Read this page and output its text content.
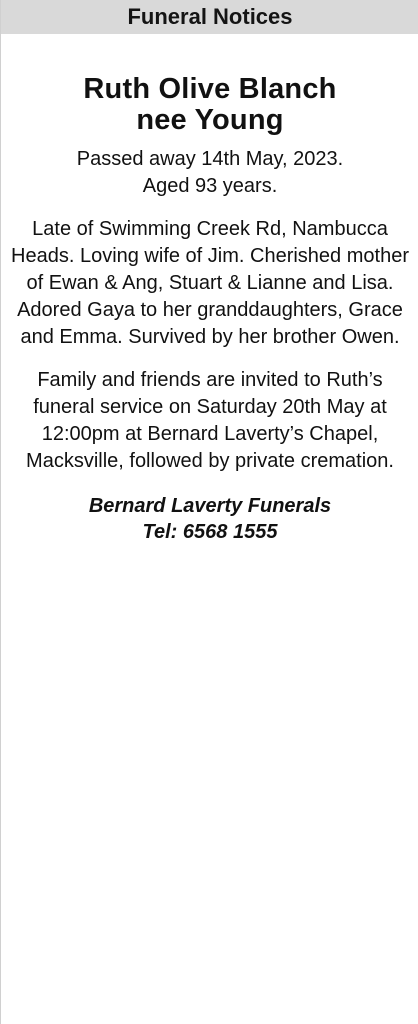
Funeral Notices
Ruth Olive Blanch
nee Young
Passed away 14th May, 2023.
Aged 93 years.
Late of Swimming Creek Rd, Nambucca
Heads. Loving wife of Jim. Cherished mother
of Ewan & Ang, Stuart & Lianne and Lisa.
Adored Gaya to her granddaughters, Grace
and Emma. Survived by her brother Owen.
Family and friends are invited to Ruth’s
funeral service on Saturday 20th May at
12:00pm at Bernard Laverty’s Chapel,
Macksville, followed by private cremation.
Bernard Laverty Funerals
Tel: 6568 1555
